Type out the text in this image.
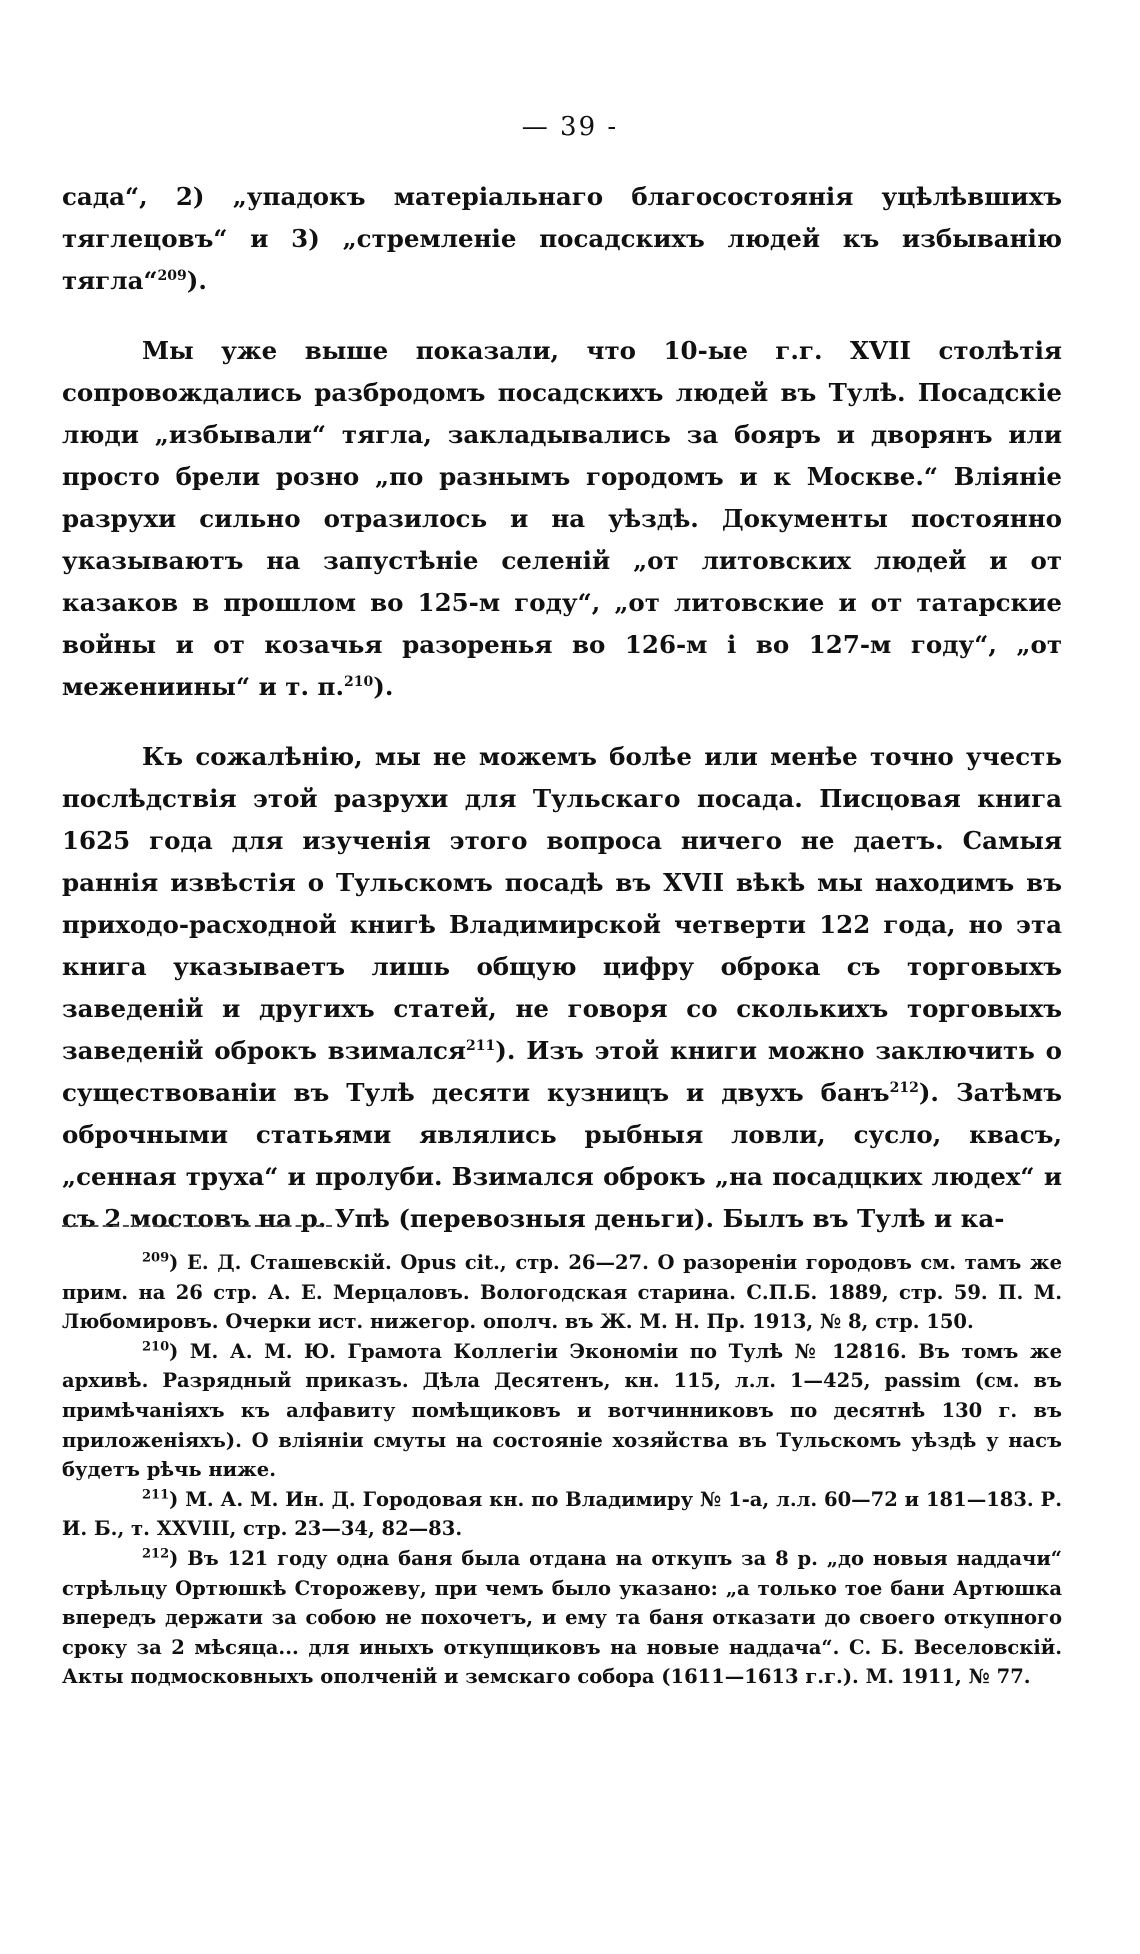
— 39 -

сада“, 2) „упадокъ матеріальнаго благосостоянія уцѣлѣвшихъ тяглецовъ“ и 3) „стремленіе посадскихъ людей къ избыванію тягла“$^{209}$).

Мы уже выше показали, что 10-ые г.г. XVII столѣтія сопровождались разбродомъ посадскихъ людей въ Тулѣ. Посадскіе люди „избывали“ тягла, закладывались за бояръ и дворянъ или просто брели розно „по разнымъ городомъ и к Москве.“ Вліяніе разрухи сильно отразилось и на уѣздѣ. Документы постоянно указываютъ на запустѣніе селеній „от литовских людей и от казаков в прошлом во 125-м году“, „от литовские и от татарские войны и от козачья разоренья во 126-м і во 127-м году“, „от межениины“ и т. п.$^{210}$).

Къ сожалѣнію, мы не можемъ болѣе или менѣе точно учесть послѣдствія этой разрухи для Тульскаго посада. Писцовая книга 1625 года для изученія этого вопроса ничего не даетъ. Самыя раннія извѣстія о Тульскомъ посадѣ въ XVII вѣкѣ мы находимъ въ приходо-расходной книгѣ Владимирской четверти 122 года, но эта книга указываетъ лишь общую цифру оброка съ торговыхъ заведеній и другихъ статей, не говоря со сколькихъ торговыхъ заведеній оброкъ взимался$^{211}$). Изъ этой книги можно заключить о существованіи въ Тулѣ десяти кузницъ и двухъ банъ$^{212}$). Затѣмъ оброчными статьями являлись рыбныя ловли, сусло, квасъ, „сенная труха“ и пролуби. Взимался оброкъ „на посадцких людех“ и съ 2 мостовъ на р. Упѣ (перевозныя деньги). Былъ въ Тулѣ и ка-

$^{209}$) Е. Д. Сташевскій. Opus cit., стр. 26—27. О разореніи городовъ см. тамъ же прим. на 26 стр. А. Е. Мерцаловъ. Вологодская старина. С.П.Б. 1889, стр. 59. П. М. Любомировъ. Очерки ист. нижегор. ополч. въ Ж. М. Н. Пр. 1913, № 8, стр. 150.

$^{210}$) М. А. М. Ю. Грамота Коллегіи Экономіи по Тулѣ № 12816. Въ томъ же архивѣ. Разрядный приказъ. Дѣла Десятенъ, кн. 115, л.л. 1—425, passim (см. въ примѣчаніяхъ къ алфавиту помѣщиковъ и вотчинниковъ по десятнѣ 130 г. въ приложеніяхъ). О вліяніи смуты на состояніе хозяйства въ Тульскомъ уѣздѣ у насъ будетъ рѣчь ниже.

$^{211}$) М. А. М. Ин. Д. Городовая кн. по Владимиру № 1-а, л.л. 60—72 и 181—183. Р. И. Б., т. XXVIII, стр. 23—34, 82—83.

$^{212}$) Въ 121 году одна баня была отдана на откупъ за 8 р. „до новыя наддачи“ стрѣльцу Ортюшкѣ Сторожеву, при чемъ было указано: „а только тое бани Артюшка впередъ держати за собою не похочетъ, и ему та баня отказати до своего откупного сроку за 2 мѣсяца... для иныхъ откупщиковъ на новые наддача“. С. Б. Веселовскій. Акты подмосковныхъ ополченій и земскаго собора (1611—1613 г.г.). М. 1911, № 77.
